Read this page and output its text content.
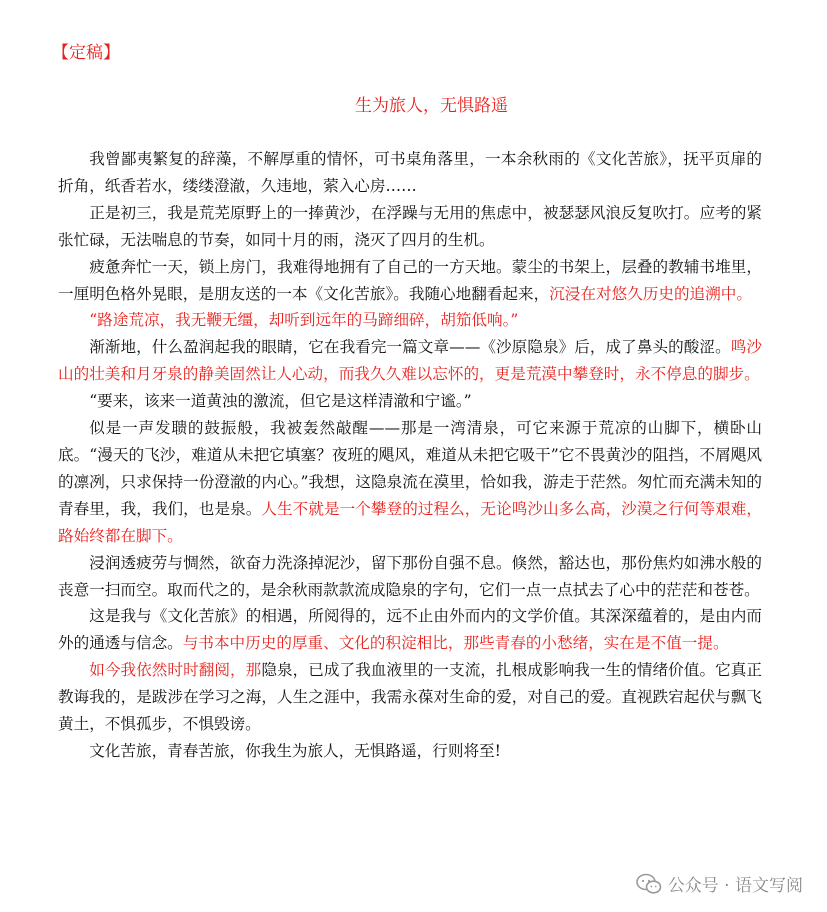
【定稿】
生为旅人，无惧路遥

我曾鄙夷繁复的辞藻，不解厚重的情怀，可书桌角落里，一本余秋雨的《文化苦旅》，抚平页扉的折角，纸香若水，缕缕澄澈，久违地，萦入心房……

正是初三，我是荒芜原野上的一捧黄沙，在浮躁与无用的焦虑中，被瑟瑟风浪反复吹打。应考的紧张忙碌，无法喘息的节奏，如同十月的雨，浇灭了四月的生机。

疲惫奔忙一天，锁上房门，我难得地拥有了自己的一方天地。蒙尘的书架上，层叠的教辅书堆里，一厘明色格外晃眼，是朋友送的一本《文化苦旅》。我随心地翻看起来，沉浸在对悠久历史的追溯中。

“路途荒凉，我无鞭无缰，却听到远年的马蹄细碎，胡笳低响。”

渐渐地，什么盈润起我的眼睛，它在我看完一篇文章——《沙原隐泉》后，成了鼻头的酸涩。鸣沙山的壮美和月牙泉的静美固然让人心动，而我久久难以忘怀的，更是荒漠中攀登时，永不停息的脚步。

“要来，该来一道黄浊的激流，但它是这样清澈和宁谧。”

似是一声发聩的鼓振般，我被轰然敲醒——那是一湾清泉，可它来源于荒凉的山脚下，横卧山底。“漫天的飞沙，难道从未把它填塞？夜班的飓风，难道从未把它吸干”它不畏黄沙的阻挡，不屑飓风的凛冽，只求保持一份澄澈的内心。”我想，这隐泉流在漠里，恰如我，游走于茫然。匆忙而充满未知的青春里，我，我们，也是泉。人生不就是一个攀登的过程么，无论鸣沙山多么高，沙漠之行何等艰难，路始终都在脚下。

浸润透疲劳与惆然，欲奋力洗涤掉泥沙，留下那份自强不息。倏然，豁达也，那份焦灼如沸水般的丧意一扫而空。取而代之的，是余秋雨款款流成隐泉的字句，它们一点一点拭去了心中的茫茫和苍苍。

这是我与《文化苦旅》的相遇，所阅得的，远不止由外而内的文学价值。其深深蕴着的，是由内而外的通透与信念。与书本中历史的厚重、文化的积淀相比，那些青春的小愁绪，实在是不值一提。

如今我依然时时翻阅，那隐泉，已成了我血液里的一支流，扎根成影响我一生的情绪价值。它真正教诲我的，是跋涉在学习之海，人生之涯中，我需永葆对生命的爱，对自己的爱。直视跌宕起伏与飘飞黄土，不惧孤步，不惧毁谤。

文化苦旅，青春苦旅，你我生为旅人，无惧路遥，行则将至!

公众号 · 语文写阅
